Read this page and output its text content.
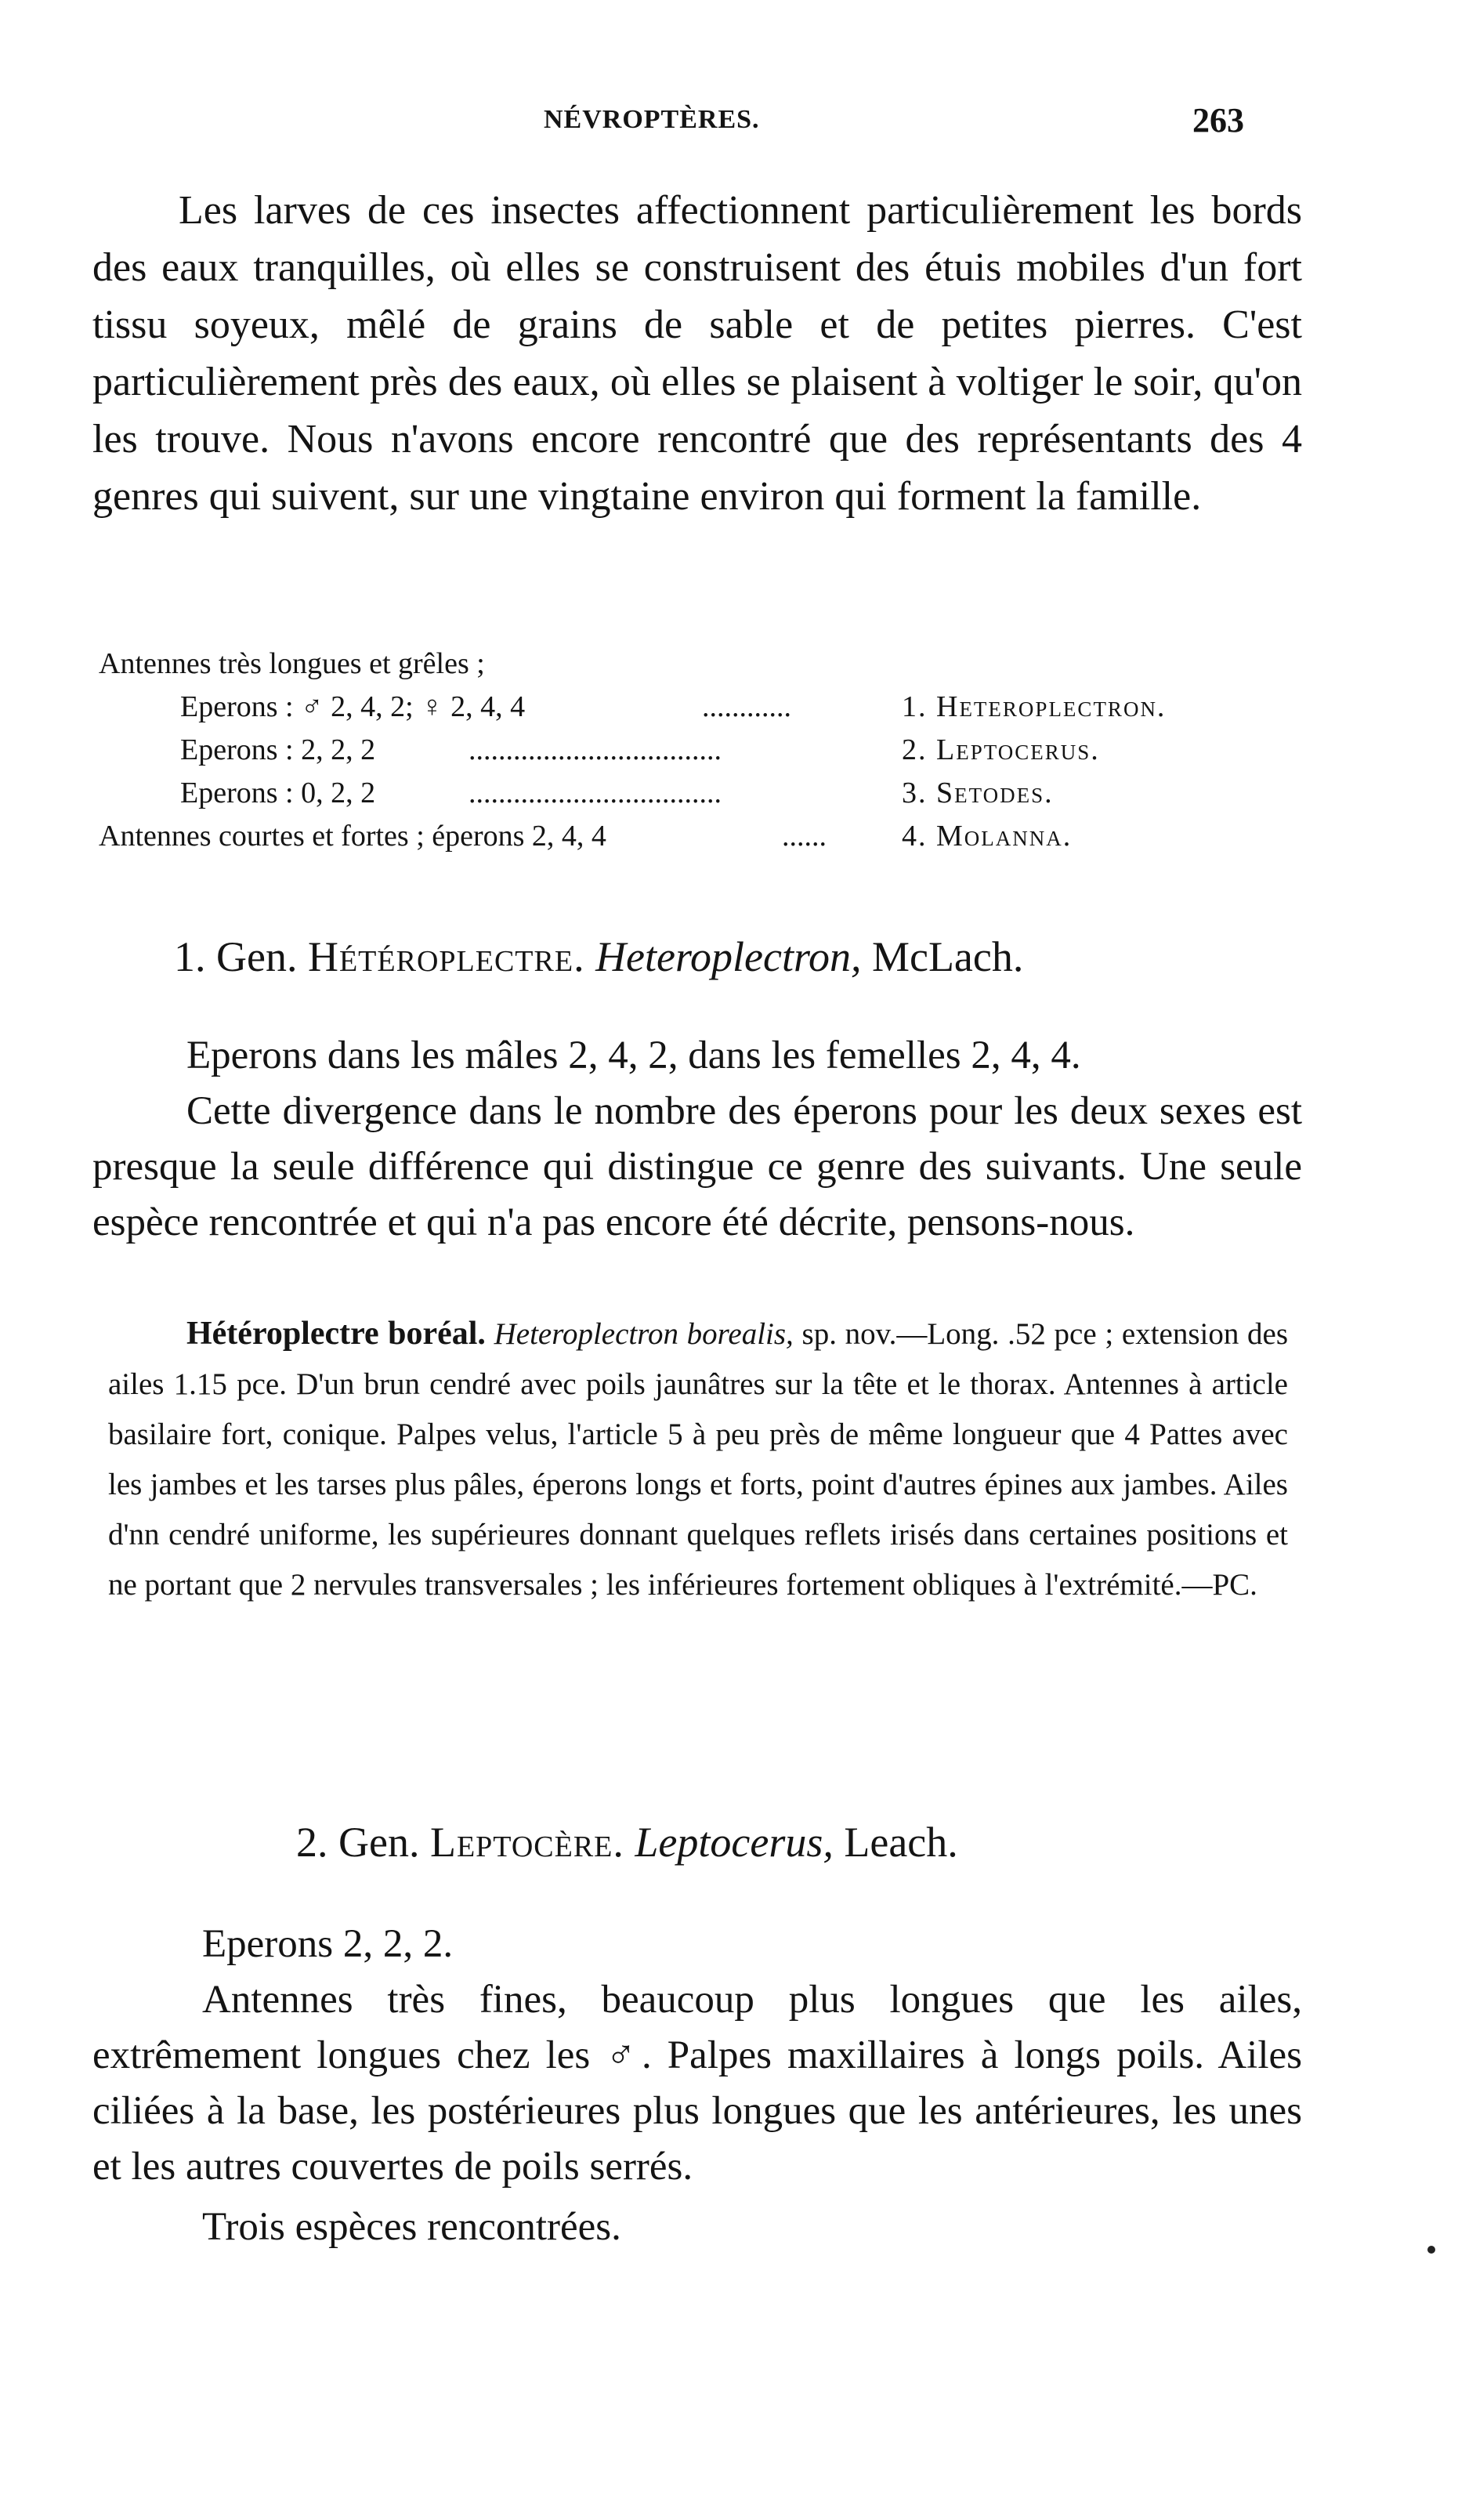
NÉVROPTÈRES.	263

Les larves de ces insectes affectionnent particulièrement les bords des eaux tranquilles, où elles se construisent des étuis mobiles d'un fort tissu soyeux, mêlé de grains de sable et de petites pierres. C'est particulièrement près des eaux, où elles se plaisent à voltiger le soir, qu'on les trouve. Nous n'avons encore rencontré que des représentants des 4 genres qui suivent, sur une vingtaine environ qui forment la famille.

Antennes très longues et grêles ;
Eperons : ♂ 2, 4, 2; ♀ 2, 4, 4	............	1. Heteroplectron.
Eperons : 2, 2, 2	..................................	2. Leptocerus.
Eperons : 0, 2, 2	..................................	3. Setodes.
Antennes courtes et fortes ; éperons 2, 4, 4	......	4. Molanna.
1. Gen. Hétéroplectre. Heteroplectron, McLach.

Eperons dans les mâles 2, 4, 2, dans les femelles 2, 4, 4.

Cette divergence dans le nombre des éperons pour les deux sexes est presque la seule différence qui distingue ce genre des suivants. Une seule espèce rencontrée et qui n'a pas encore été décrite, pensons-nous.

Hétéroplectre boréal. Heteroplectron borealis, sp. nov.—Long. .52 pce ; extension des ailes 1.15 pce. D'un brun cendré avec poils jaunâtres sur la tête et le thorax. Antennes à article basilaire fort, conique. Palpes velus, l'article 5 à peu près de même longueur que 4 Pattes avec les jambes et les tarses plus pâles, éperons longs et forts, point d'autres épines aux jambes. Ailes d'nn cendré uniforme, les supérieures donnant quelques reflets irisés dans certaines positions et ne portant que 2 nervules transversales ; les inférieures fortement obliques à l'extrémité.—PC.

2. Gen. Leptocère. Leptocerus, Leach.

Eperons 2, 2, 2.

Antennes très fines, beaucoup plus longues que les ailes, extrêmement longues chez les ♂. Palpes maxillaires à longs poils. Ailes ciliées à la base, les postérieures plus longues que les antérieures, les unes et les autres couvertes de poils serrés.

Trois espèces rencontrées.
